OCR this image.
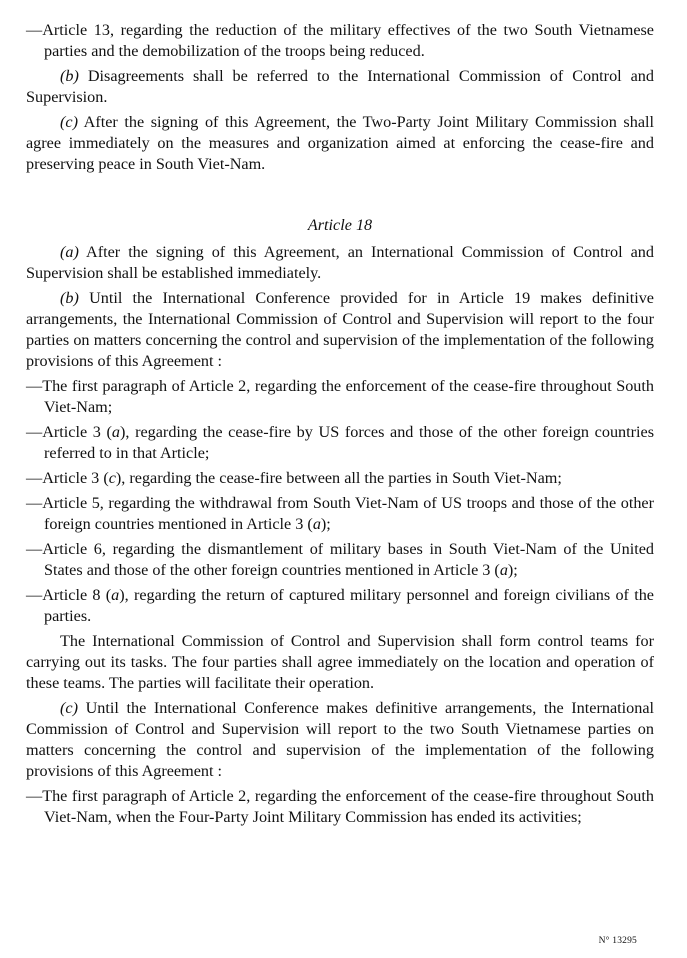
—Article 13, regarding the reduction of the military effectives of the two South Vietnamese parties and the demobilization of the troops being reduced.

(b) Disagreements shall be referred to the International Commission of Control and Supervision.

(c) After the signing of this Agreement, the Two-Party Joint Military Commission shall agree immediately on the measures and organization aimed at enforcing the cease-fire and preserving peace in South Viet-Nam.

Article 18

(a) After the signing of this Agreement, an International Commission of Control and Supervision shall be established immediately.

(b) Until the International Conference provided for in Article 19 makes definitive arrangements, the International Commission of Control and Supervision will report to the four parties on matters concerning the control and supervision of the implementation of the following provisions of this Agreement :

—The first paragraph of Article 2, regarding the enforcement of the cease-fire throughout South Viet-Nam;

—Article 3 (a), regarding the cease-fire by US forces and those of the other foreign countries referred to in that Article;

—Article 3 (c), regarding the cease-fire between all the parties in South Viet-Nam;

—Article 5, regarding the withdrawal from South Viet-Nam of US troops and those of the other foreign countries mentioned in Article 3 (a);

—Article 6, regarding the dismantlement of military bases in South Viet-Nam of the United States and those of the other foreign countries mentioned in Article 3 (a);

—Article 8 (a), regarding the return of captured military personnel and foreign civilians of the parties.

The International Commission of Control and Supervision shall form control teams for carrying out its tasks. The four parties shall agree immediately on the location and operation of these teams. The parties will facilitate their operation.

(c) Until the International Conference makes definitive arrangements, the International Commission of Control and Supervision will report to the two South Vietnamese parties on matters concerning the control and supervision of the implementation of the following provisions of this Agreement :

—The first paragraph of Article 2, regarding the enforcement of the cease-fire throughout South Viet-Nam, when the Four-Party Joint Military Commission has ended its activities;

N° 13295
